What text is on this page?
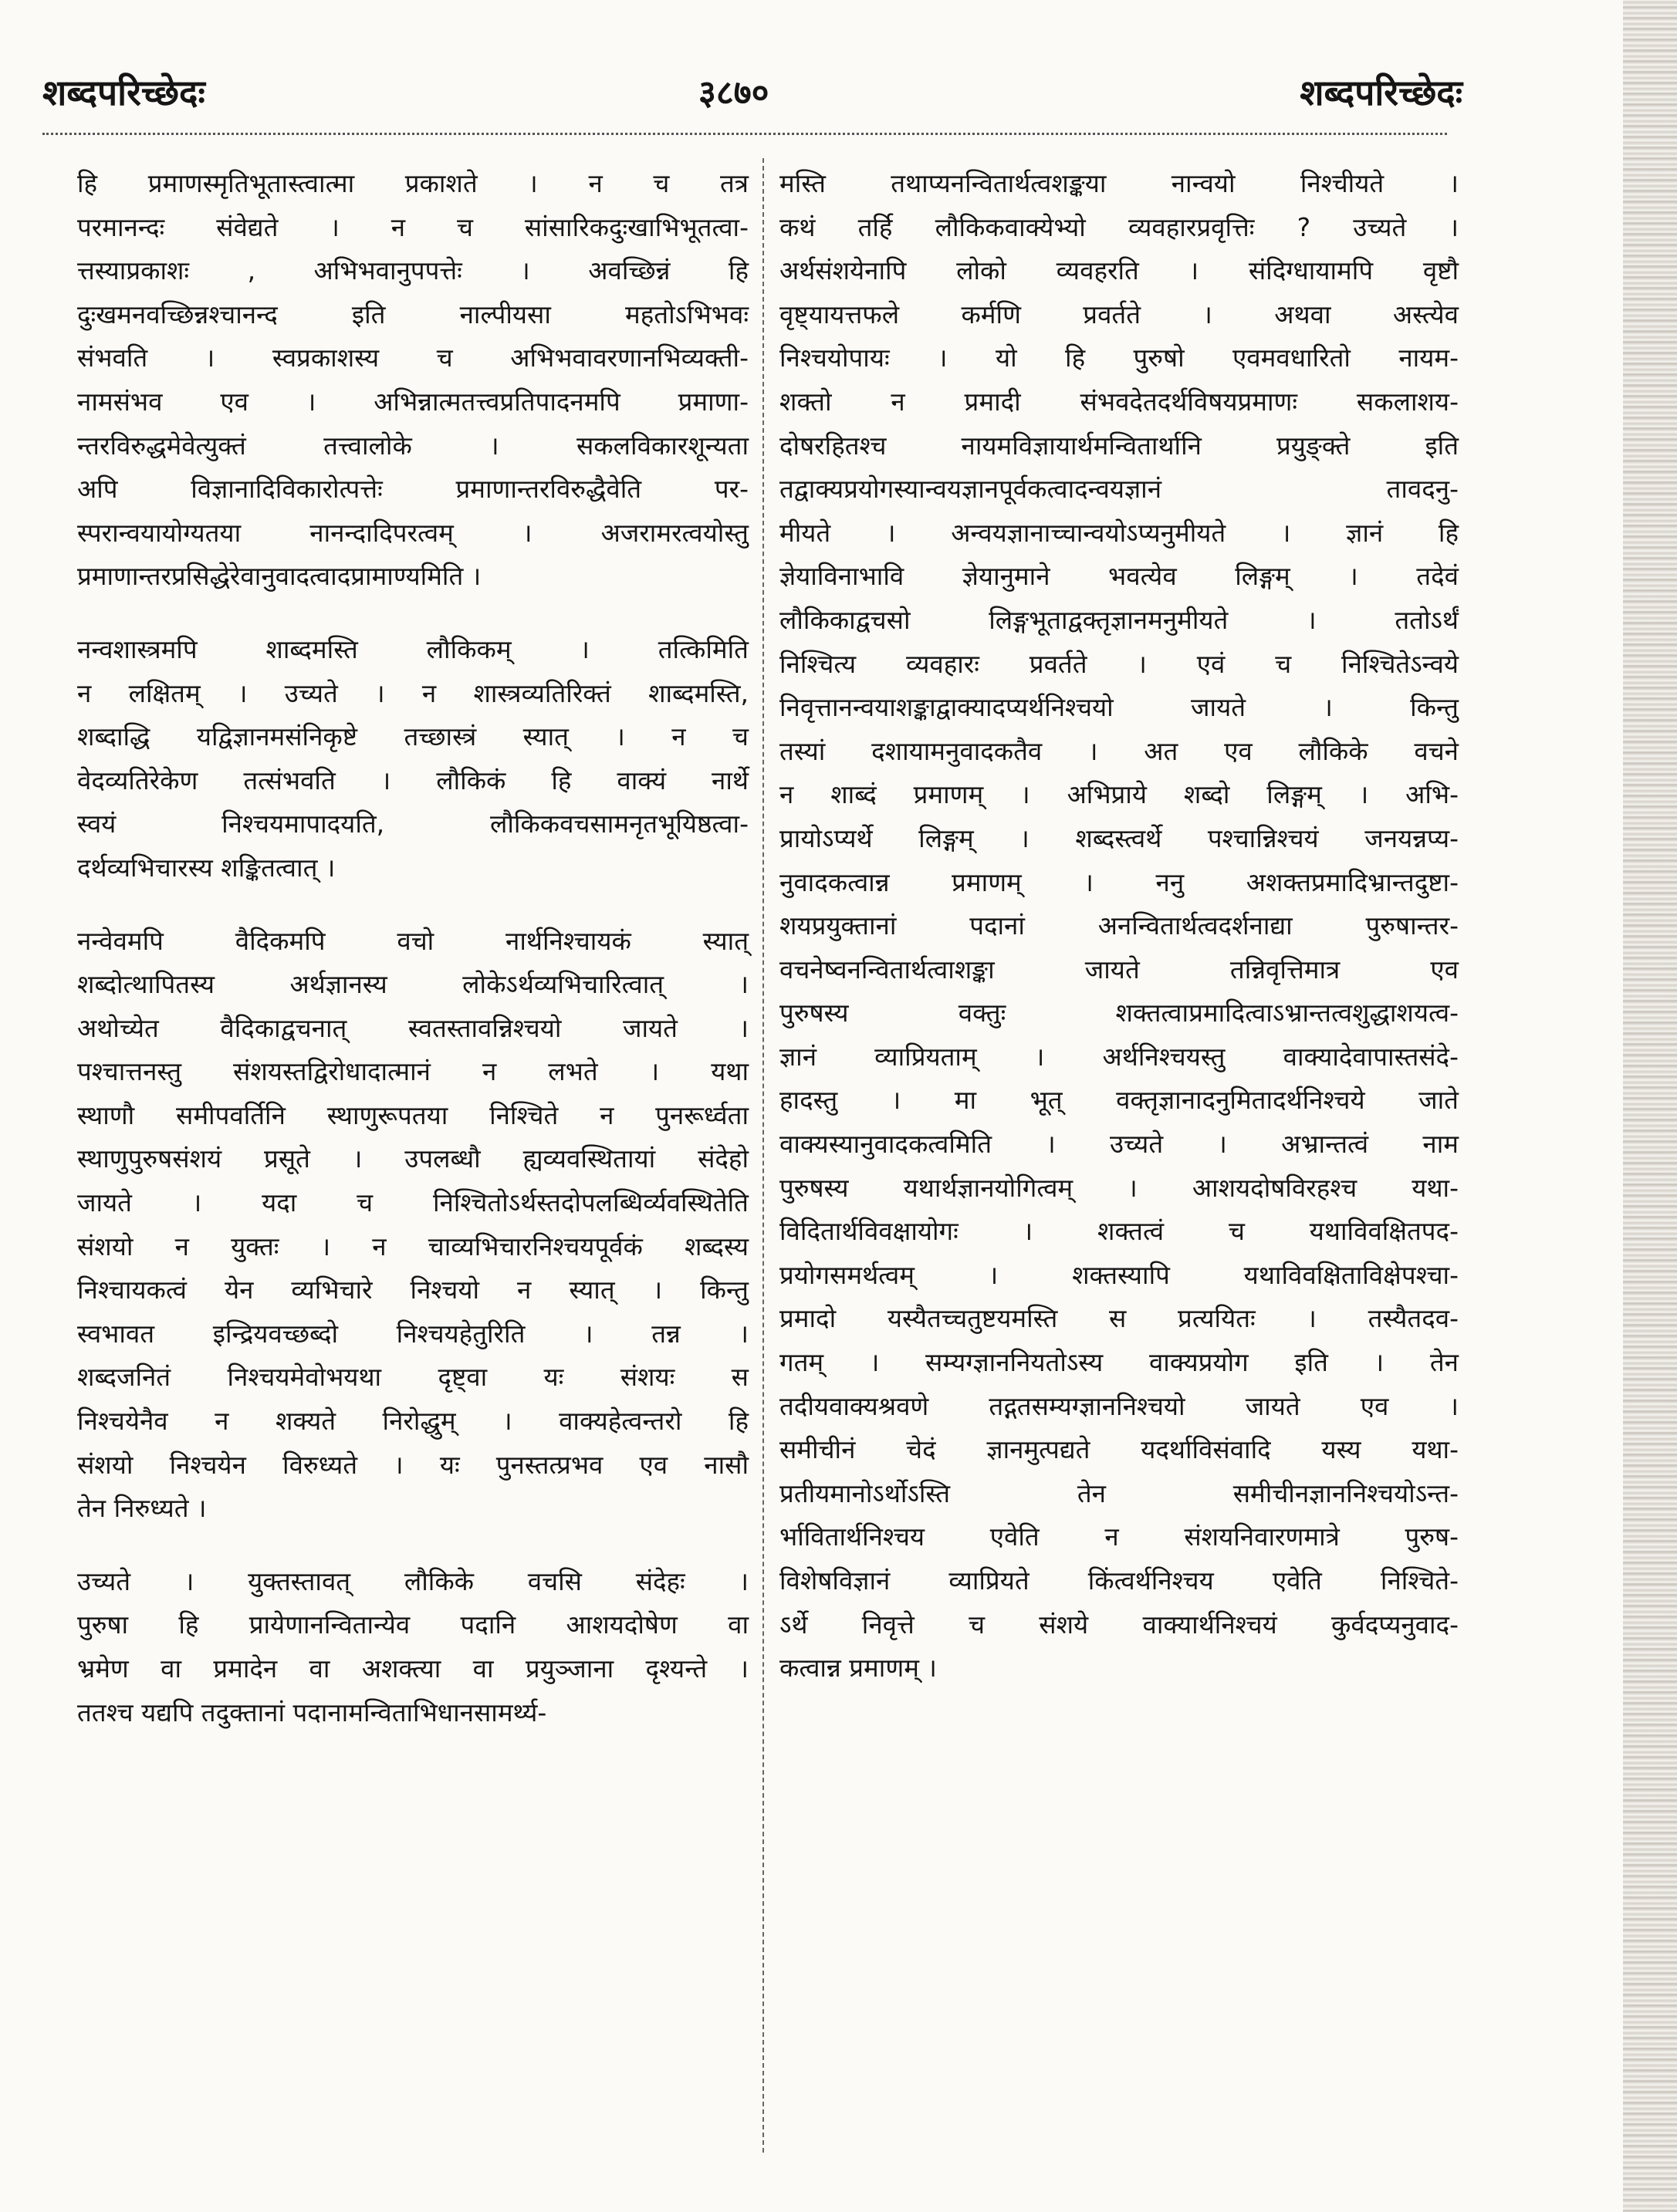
शब्दपरिच्छेदः	३८७०	शब्दपरिच्छेदः
हि प्रमाणस्मृतिभूतास्त्वात्मा प्रकाशते । न च तत्र
परमानन्दः संवेद्यते । न च सांसारिकदुःखाभिभूतत्वा-
त्तस्याप्रकाशः , अभिभवानुपपत्तेः । अवच्छिन्नं हि
दुःखमनवच्छिन्नश्चानन्द इति नाल्पीयसा महतोऽभिभवः
संभवति । स्वप्रकाशस्य च अभिभवावरणानभिव्यक्ती-
नामसंभव एव । अभिन्नात्मतत्त्वप्रतिपादनमपि प्रमाणा-
न्तरविरुद्धमेवेत्युक्तं तत्त्वालोके । सकलविकारशून्यता
अपि विज्ञानादिविकारोत्पत्तेः प्रमाणान्तरविरुद्धैवेति पर-
स्परान्वयायोग्यतया नानन्दादिपरत्वम् । अजरामरत्वयोस्तु
प्रमाणान्तरप्रसिद्धेरेवानुवादत्वादप्रामाण्यमिति ।
नन्वशास्त्रमपि शाब्दमस्ति लौकिकम् । तत्किमिति
न लक्षितम् । उच्यते । न शास्त्रव्यतिरिक्तं शाब्दमस्ति,
शब्दाद्धि यद्विज्ञानमसंनिकृष्टे तच्छास्त्रं स्यात् । न च
वेदव्यतिरेकेण तत्संभवति । लौकिकं हि वाक्यं नार्थे
स्वयं निश्चयमापादयति, लौकिकवचसामनृतभूयिष्ठत्वा-
दर्थव्यभिचारस्य शङ्कितत्वात् ।
नन्वेवमपि वैदिकमपि वचो नार्थनिश्चायकं स्यात्
शब्दोत्थापितस्य अर्थज्ञानस्य लोकेऽर्थव्यभिचारित्वात् ।
अथोच्येत वैदिकाद्वचनात् स्वतस्तावन्निश्चयो जायते ।
पश्चात्तनस्तु संशयस्तद्विरोधादात्मानं न लभते । यथा
स्थाणौ समीपवर्तिनि स्थाणुरूपतया निश्चिते न पुनरूर्ध्वता
स्थाणुपुरुषसंशयं प्रसूते । उपलब्धौ ह्यव्यवस्थितायां संदेहो
जायते । यदा च निश्चितोऽर्थस्तदोपलब्धिर्व्यवस्थितेति
संशयो न युक्तः । न चाव्यभिचारनिश्चयपूर्वकं शब्दस्य
निश्चायकत्वं येन व्यभिचारे निश्चयो न स्यात् । किन्तु
स्वभावत इन्द्रियवच्छब्दो निश्चयहेतुरिति । तन्न ।
शब्दजनितं निश्चयमेवोभयथा दृष्ट्वा यः संशयः स
निश्चयेनैव न शक्यते निरोद्धुम् । वाक्यहेत्वन्तरो हि
संशयो निश्चयेन विरुध्यते । यः पुनस्तत्प्रभव एव नासौ
तेन निरुध्यते ।
उच्यते । युक्तस्तावत् लौकिके वचसि संदेहः ।
पुरुषा हि प्रायेणानन्वितान्येव पदानि आशयदोषेण वा
भ्रमेण वा प्रमादेन वा अशक्त्या वा प्रयुञ्जाना दृश्यन्ते ।
ततश्च यद्यपि तदुक्तानां पदानामन्विताभिधानसामर्थ्य-
मस्ति तथाप्यनन्वितार्थत्वशङ्कया नान्वयो निश्चीयते ।
कथं तर्हि लौकिकवाक्येभ्यो व्यवहारप्रवृत्तिः ? उच्यते ।
अर्थसंशयेनापि लोको व्यवहरति । संदिग्धायामपि वृष्टौ
वृष्ट्यायत्तफले कर्मणि प्रवर्तते । अथवा अस्त्येव
निश्चयोपायः । यो हि पुरुषो एवमवधारितो नायम-
शक्तो न प्रमादी संभवदेतदर्थविषयप्रमाणः सकलाशय-
दोषरहितश्च नायमविज्ञायार्थमन्वितार्थानि प्रयुङ्क्ते इति
तद्वाक्यप्रयोगस्यान्वयज्ञानपूर्वकत्वादन्वयज्ञानं तावदनु-
मीयते । अन्वयज्ञानाच्चान्वयोऽप्यनुमीयते । ज्ञानं हि
ज्ञेयाविनाभावि ज्ञेयानुमाने भवत्येव लिङ्गम् । तदेवं
लौकिकाद्वचसो लिङ्गभूताद्वक्तृज्ञानमनुमीयते । ततोऽर्थं
निश्चित्य व्यवहारः प्रवर्तते । एवं च निश्चितेऽन्वये
निवृत्तानन्वयाशङ्काद्वाक्यादप्यर्थनिश्चयो जायते । किन्तु
तस्यां दशायामनुवादकतैव । अत एव लौकिके वचने
न शाब्दं प्रमाणम् । अभिप्राये शब्दो लिङ्गम् । अभि-
प्रायोऽप्यर्थे लिङ्गम् । शब्दस्त्वर्थे पश्चान्निश्चयं जनयन्नप्य-
नुवादकत्वान्न प्रमाणम् । ननु अशक्तप्रमादिभ्रान्तदुष्टा-
शयप्रयुक्तानां पदानां अनन्वितार्थत्वदर्शनाद्या पुरुषान्तर-
वचनेष्वनन्वितार्थत्वाशङ्का जायते तन्निवृत्तिमात्र एव
पुरुषस्य वक्तुः शक्तत्वाप्रमादित्वाऽभ्रान्तत्वशुद्धाशयत्व-
ज्ञानं व्याप्रियताम् । अर्थनिश्चयस्तु वाक्यादेवापास्तसंदे-
हादस्तु । मा भूत् वक्तृज्ञानादनुमितादर्थनिश्चये जाते
वाक्यस्यानुवादकत्वमिति । उच्यते । अभ्रान्तत्वं नाम
पुरुषस्य यथार्थज्ञानयोगित्वम् । आशयदोषविरहश्च यथा-
विदितार्थविवक्षायोगः । शक्तत्वं च यथाविवक्षितपद-
प्रयोगसमर्थत्वम् । शक्तस्यापि यथाविवक्षिताविक्षेपश्चा-
प्रमादो यस्यैतच्चतुष्टयमस्ति स प्रत्ययितः । तस्यैतदव-
गतम् । सम्यग्ज्ञाननियतोऽस्य वाक्यप्रयोग इति । तेन
तदीयवाक्यश्रवणे तद्गतसम्यग्ज्ञाननिश्चयो जायते एव ।
समीचीनं चेदं ज्ञानमुत्पद्यते यदर्थाविसंवादि यस्य यथा-
प्रतीयमानोऽर्थोऽस्ति तेन समीचीनज्ञाननिश्चयोऽन्त-
र्भावितार्थनिश्चय एवेति न संशयनिवारणमात्रे पुरुष-
विशेषविज्ञानं व्याप्रियते किंत्वर्थनिश्चय एवेति निश्चिते-
ऽर्थे निवृत्ते च संशये वाक्यार्थनिश्चयं कुर्वदप्यनुवाद-
कत्वान्न प्रमाणम् ।
